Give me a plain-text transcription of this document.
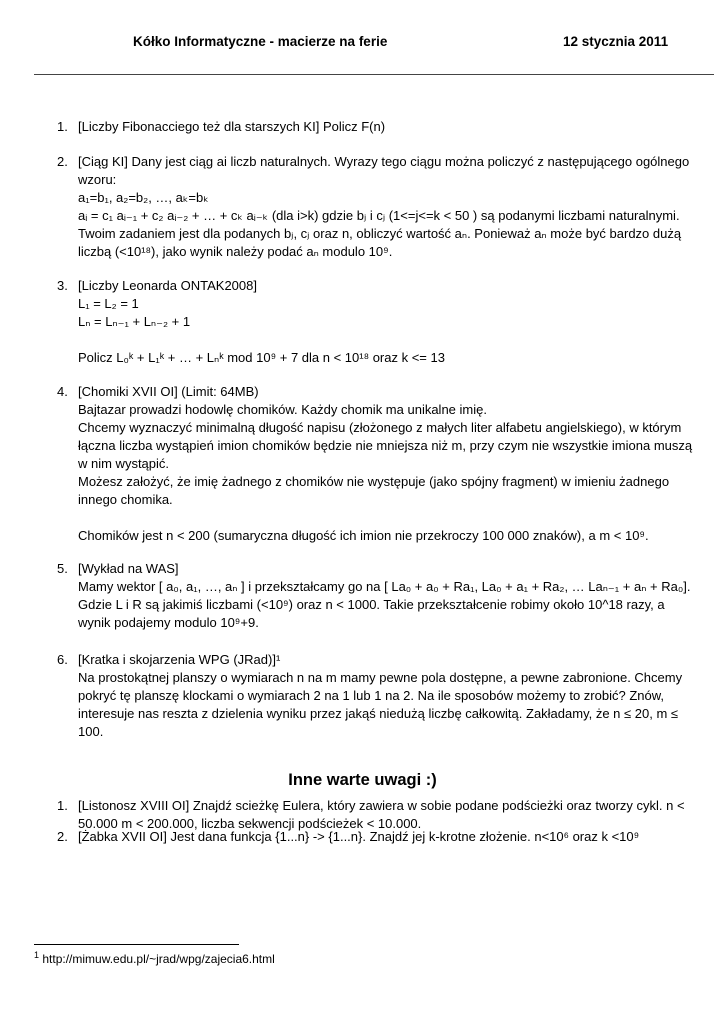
Kółko Informatyczne - macierze na ferie	12 stycznia 2011
1. [Liczby Fibonacciego też dla starszych KI] Policz F(n)
2. [Ciąg KI] Dany jest ciąg ai liczb naturalnych. Wyrazy tego ciągu można policzyć z następującego ogólnego
wzoru:
a₁=b₁, a₂=b₂, …, aₖ=bₖ
aᵢ = c₁ aᵢ₋₁ + c₂ aᵢ₋₂ + … + cₖ aᵢ₋ₖ (dla i>k) gdzie bⱼ i cⱼ (1<=j<=k < 50 ) są podanymi liczbami naturalnymi.
Twoim zadaniem jest dla podanych bⱼ, cⱼ oraz n, obliczyć wartość aₙ. Ponieważ aₙ może być bardzo dużą
liczbą (<10¹⁸), jako wynik należy podać aₙ modulo 10⁹.
3. [Liczby Leonarda ONTAK2008]
L₁ = L₂ = 1
Lₙ = Lₙ₋₁ + Lₙ₋₂ + 1
Policz L₀ᵏ + L₁ᵏ + … + Lₙᵏ mod 10⁹ + 7 dla n < 10¹⁸ oraz k <= 13
4. [Chomiki XVII OI] (Limit: 64MB)
Bajtazar prowadzi hodowlę chomików. Każdy chomik ma unikalne imię.
Chcemy wyznaczyć minimalną długość napisu (złożonego z małych liter alfabetu angielskiego), w którym
łączna liczba wystąpień imion chomików będzie nie mniejsza niż m, przy czym nie wszystkie imiona muszą
w nim wystąpić.
Możesz założyć, że imię żadnego z chomików nie występuje (jako spójny fragment) w imieniu żadnego
innego chomika.
Chomików jest n < 200 (sumaryczna długość ich imion nie przekroczy 100 000 znaków), a m < 10⁹.
5. [Wykład na WAS]
Mamy wektor [ a₀, a₁, …, aₙ ] i przekształcamy go na [ La₀ + a₀ + Ra₁, La₀ + a₁ + Ra₂, … Laₙ₋₁ + aₙ + Ra₀].
Gdzie L i R są jakimiś liczbami (<10⁹) oraz n < 1000. Takie przekształcenie robimy około 10^18 razy, a
wynik podajemy modulo 10⁹+9.
6. [Kratka i skojarzenia WPG (JRad)]¹
Na prostokątnej planszy o wymiarach n na m mamy pewne pola dostępne, a pewne zabronione. Chcemy
pokryć tę planszę klockami o wymiarach 2 na 1 lub 1 na 2. Na ile sposobów możemy to zrobić? Znów,
interesuje nas reszta z dzielenia wyniku przez jakąś niedużą liczbę całkowitą. Zakładamy, że n ≤ 20, m ≤
100.
1. [Listonosz XVIII OI] Znajdź scieżkę Eulera, który zawiera w sobie podane podścieżki oraz tworzy cykl. n <
50.000 m < 200.000, liczba sekwencji podścieżek < 10.000.
2. [Żabka XVII OI] Jest dana funkcja {1...n} -> {1...n}. Znajdź jej k-krotne złożenie. n<10⁶ oraz k <10⁹
Inne warte uwagi :)
$^1$ http://mimuw.edu.pl/~jrad/wpg/zajecia6.html
